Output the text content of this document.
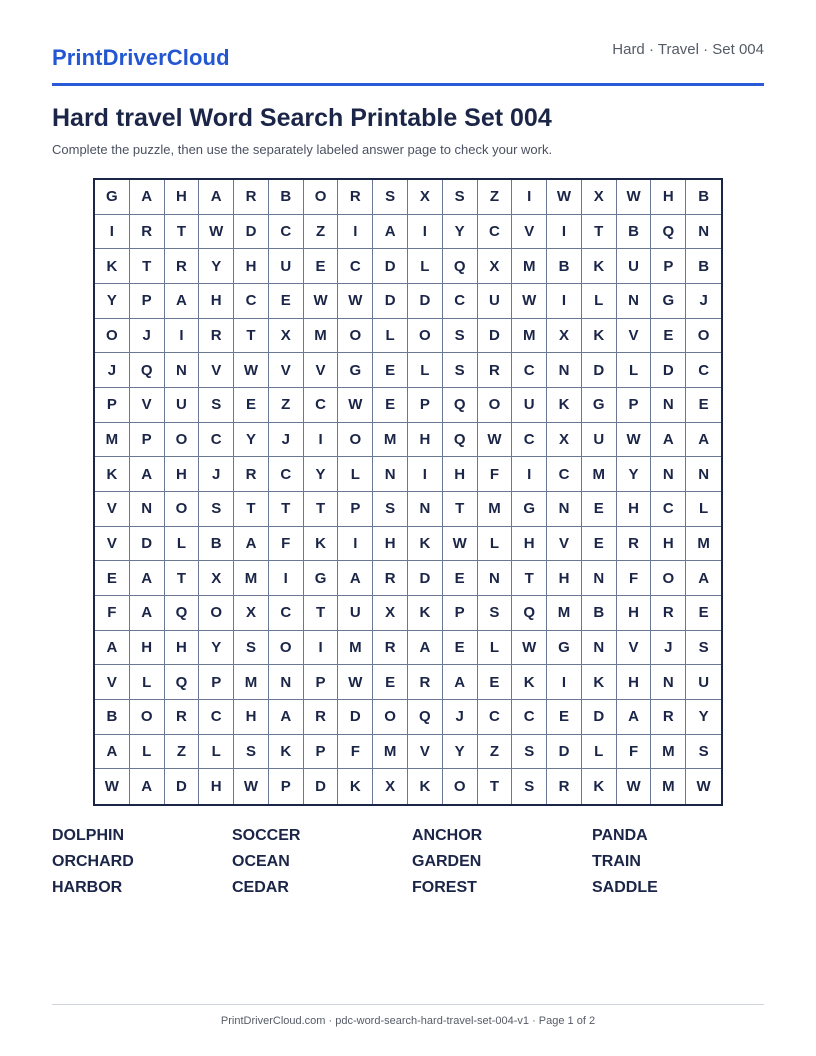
PrintDriverCloud	Hard · Travel · Set 004
Hard travel Word Search Printable Set 004
Complete the puzzle, then use the separately labeled answer page to check your work.
G	A	H	A	R	B	O	R	S	X	S	Z	I	W	X	W	H	B
I	R	T	W	D	C	Z	I	A	I	Y	C	V	I	T	B	Q	N
K	T	R	Y	H	U	E	C	D	L	Q	X	M	B	K	U	P	B
Y	P	A	H	C	E	W	W	D	D	C	U	W	I	L	N	G	J
O	J	I	R	T	X	M	O	L	O	S	D	M	X	K	V	E	O
J	Q	N	V	W	V	V	G	E	L	S	R	C	N	D	L	D	C
P	V	U	S	E	Z	C	W	E	P	Q	O	U	K	G	P	N	E
M	P	O	C	Y	J	I	O	M	H	Q	W	C	X	U	W	A	A
K	A	H	J	R	C	Y	L	N	I	H	F	I	C	M	Y	N	N
V	N	O	S	T	T	T	P	S	N	T	M	G	N	E	H	C	L
V	D	L	B	A	F	K	I	H	K	W	L	H	V	E	R	H	M
E	A	T	X	M	I	G	A	R	D	E	N	T	H	N	F	O	A
F	A	Q	O	X	C	T	U	X	K	P	S	Q	M	B	H	R	E
A	H	H	Y	S	O	I	M	R	A	E	L	W	G	N	V	J	S
V	L	Q	P	M	N	P	W	E	R	A	E	K	I	K	H	N	U
B	O	R	C	H	A	R	D	O	Q	J	C	C	E	D	A	R	Y
A	L	Z	L	S	K	P	F	M	V	Y	Z	S	D	L	F	M	S
W	A	D	H	W	P	D	K	X	K	O	T	S	R	K	W	M	W
DOLPHIN	SOCCER	ANCHOR	PANDA
ORCHARD	OCEAN	GARDEN	TRAIN
HARBOR	CEDAR	FOREST	SADDLE
PrintDriverCloud.com · pdc-word-search-hard-travel-set-004-v1 · Page 1 of 2
